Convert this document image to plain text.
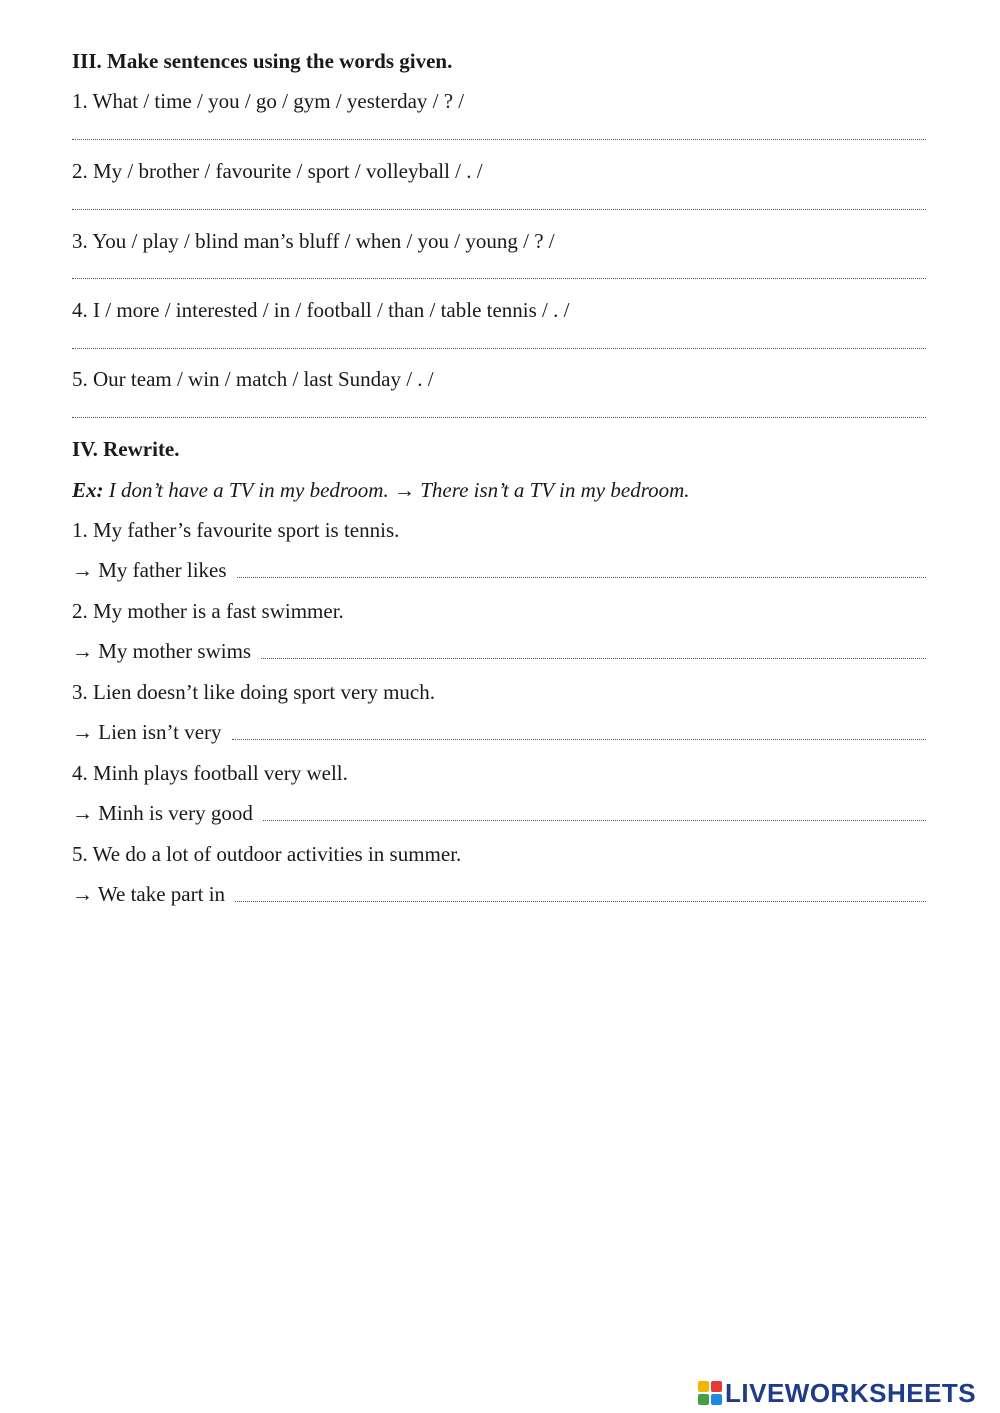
III. Make sentences using the words given.
1. What / time / you / go / gym / yesterday / ? /
2. My / brother / favourite / sport / volleyball / . /
3. You / play / blind man’s bluff / when / you / young / ? /
4. I / more / interested / in / football / than / table tennis / . /
5. Our team / win / match / last Sunday / . /
IV. Rewrite.
Ex: I don’t have a TV in my bedroom. → There isn’t a TV in my bedroom.
1. My father’s favourite sport is tennis.
→ My father likes
2. My mother is a fast swimmer.
→ My mother swims
3. Lien doesn’t like doing sport very much.
→ Lien isn’t very
4. Minh plays football very well.
→ Minh is very good
5. We do a lot of outdoor activities in summer.
→ We take part in
LIVEWORKSHEETS
